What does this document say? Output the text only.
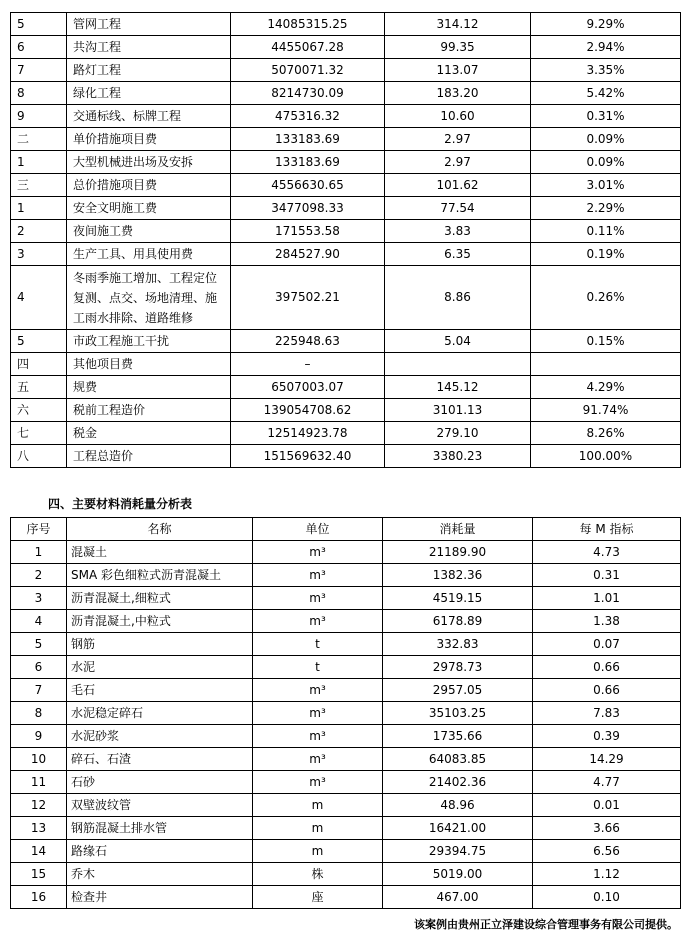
5	管网工程	14085315.25	314.12	9.29%
6	共沟工程	4455067.28	99.35	2.94%
7	路灯工程	5070071.32	113.07	3.35%
8	绿化工程	8214730.09	183.20	5.42%
9	交通标线、标牌工程	475316.32	10.60	0.31%
二	单价措施项目费	133183.69	2.97	0.09%
1	大型机械进出场及安拆	133183.69	2.97	0.09%
三	总价措施项目费	4556630.65	101.62	3.01%
1	安全文明施工费	3477098.33	77.54	2.29%
2	夜间施工费	171553.58	3.83	0.11%
3	生产工具、用具使用费	284527.90	6.35	0.19%
4	冬雨季施工增加、工程定位复测、点交、场地清理、施工雨水排除、道路维修	397502.21	8.86	0.26%
5	市政工程施工干扰	225948.63	5.04	0.15%
四	其他项目费	–		
五	规费	6507003.07	145.12	4.29%
六	税前工程造价	139054708.62	3101.13	91.74%
七	税金	12514923.78	279.10	8.26%
八	工程总造价	151569632.40	3380.23	100.00%

四、主要材料消耗量分析表

序号	名称	单位	消耗量	每 M 指标
1	混凝土	m³	21189.90	4.73
2	SMA 彩色细粒式沥青混凝土	m³	1382.36	0.31
3	沥青混凝土,细粒式	m³	4519.15	1.01
4	沥青混凝土,中粒式	m³	6178.89	1.38
5	钢筋	t	332.83	0.07
6	水泥	t	2978.73	0.66
7	毛石	m³	2957.05	0.66
8	水泥稳定碎石	m³	35103.25	7.83
9	水泥砂浆	m³	1735.66	0.39
10	碎石、石渣	m³	64083.85	14.29
11	石砂	m³	21402.36	4.77
12	双壁波纹管	m	48.96	0.01
13	钢筋混凝土排水管	m	16421.00	3.66
14	路缘石	m	29394.75	6.56
15	乔木	株	5019.00	1.12
16	检查井	座	467.00	0.10

该案例由贵州正立泽建设综合管理事务有限公司提供。
